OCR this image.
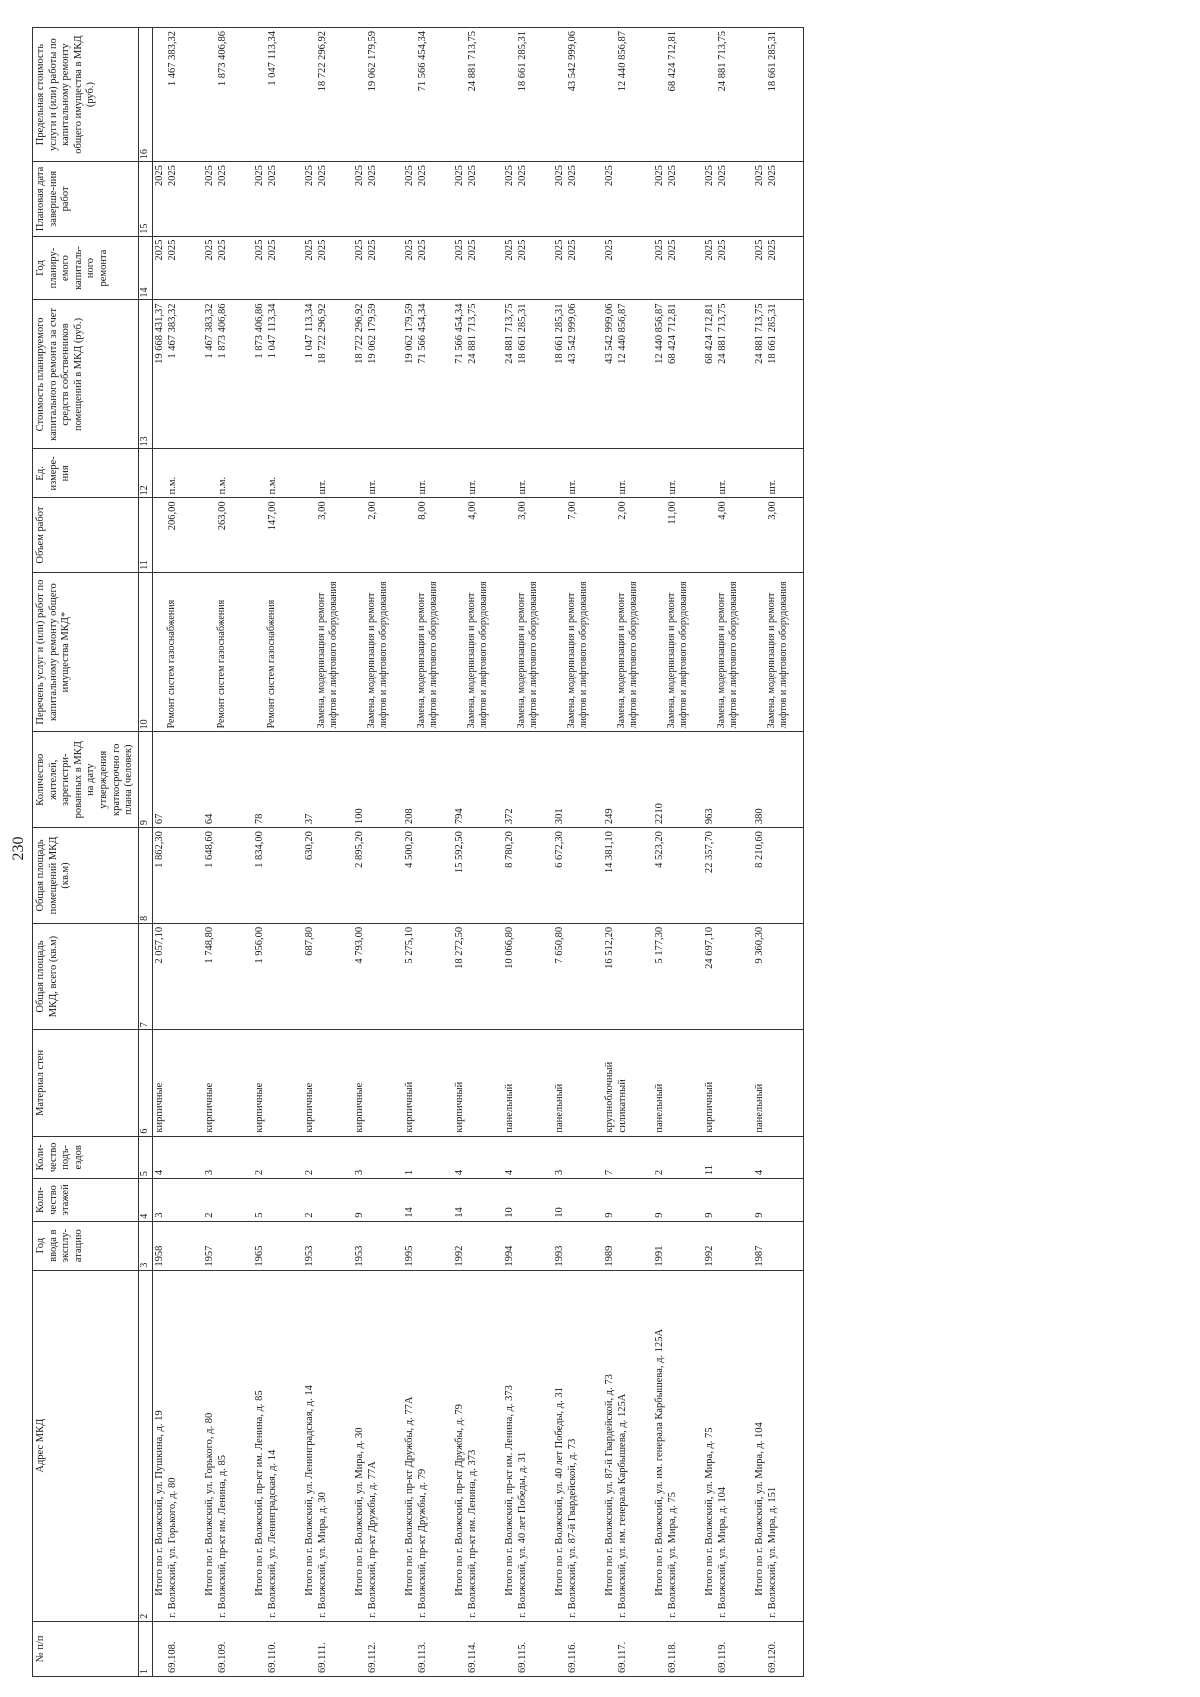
230
№ п/п	Адрес МКД	Год ввода в эксплу-атацию	Коли-чество этажей	Коли-чество подъ-ездов	Материал стен	Общая площадь МКД, всего (кв.м)	Общая площадь помещений МКД (кв.м)	Количество жителей, зарегистри-рованных в МКД на дату утверждения краткосрочно го плана (человек)	Перечень услуг и (или) работ по капитальному ремонту общего имущества МКД*	Объем работ	Ед. измере-ния	Стоимость планируемого капитального ремонта за счет средств собственников помещений в МКД (руб.)	Год планиру-емого капиталь-ного ремонта	Плановая дата заверше-ния работ	Предельная стоимость услуги и (или) работы по капитальному ремонту общего имущества в МКД (руб.)
1	2	3	4	5	6	7	8	9	10	11	12	13	14	15	16

69.108.	Итого по г. Волжский, ул. Пушкина, д. 19 г. Волжский, ул. Горького, д. 80	1958	3	4	кирпичные	2 057,10	1 862,30	67	Ремонт систем газоснабжения	206,00	п.м.	19 668 431,37 1 467 383,32	2025 2025	2025 2025	1 467 383,32

69.109.	Итого по г. Волжский, ул. Горького, д. 80 г. Волжский, пр-кт им. Ленина, д. 85	1957	2	3	кирпичные	1 748,80	1 648,60	64	Ремонт систем газоснабжения	263,00	п.м.	1 467 383,32 1 873 406,86	2025 2025	2025 2025	1 873 406,86

69.110.	Итого по г. Волжский, пр-кт им. Ленина, д. 85 г. Волжский, ул. Ленинградская, д. 14	1965	5	2	кирпичные	1 956,00	1 834,00	78	Ремонт систем газоснабжения	147,00	п.м.	1 873 406,86 1 047 113,34	2025 2025	2025 2025	1 047 113,34

69.111.	Итого по г. Волжский, ул. Ленинградская, д. 14 г. Волжский, ул. Мира, д. 30	1953	2	2	кирпичные	687,80	630,20	37	Замена, модернизация и ремонт лифтов и лифтового оборудования	3,00	шт.	1 047 113,34 18 722 296,92	2025 2025	2025 2025	18 722 296,92

69.112.	Итого по г. Волжский, ул. Мира, д. 30 г. Волжский, пр-кт Дружбы, д. 77А	1953	9	3	кирпичные	4 793,00	2 895,20	100	Замена, модернизация и ремонт лифтов и лифтового оборудования	2,00	шт.	18 722 296,92 19 062 179,59	2025 2025	2025 2025	19 062 179,59

69.113.	Итого по г. Волжский, пр-кт Дружбы, д. 77А г. Волжский, пр-кт Дружбы, д. 79	1995	14	1	кирпичный	5 275,10	4 500,20	208	Замена, модернизация и ремонт лифтов и лифтового оборудования	8,00	шт.	19 062 179,59 71 566 454,34	2025 2025	2025 2025	71 566 454,34

69.114.	Итого по г. Волжский, пр-кт Дружбы, д. 79 г. Волжский, пр-кт им. Ленина, д. 373	1992	14	4	кирпичный	18 272,50	15 592,50	794	Замена, модернизация и ремонт лифтов и лифтового оборудования	4,00	шт.	71 566 454,34 24 881 713,75	2025 2025	2025 2025	24 881 713,75

69.115.	Итого по г. Волжский, пр-кт им. Ленина, д. 373 г. Волжский, ул. 40 лет Победы, д. 31	1994	10	4	панельный	10 066,80	8 780,20	372	Замена, модернизация и ремонт лифтов и лифтового оборудования	3,00	шт.	24 881 713,75 18 661 285,31	2025 2025	2025 2025	18 661 285,31

69.116.	Итого по г. Волжский, ул. 40 лет Победы, д. 31 г. Волжский, ул. 87-й Гвардейской, д. 73	1993	10	3	панельный	7 650,80	6 672,30	301	Замена, модернизация и ремонт лифтов и лифтового оборудования	7,00	шт.	18 661 285,31 43 542 999,06	2025 2025	2025 2025	43 542 999,06

69.117.	Итого по г. Волжский, ул. 87-й Гвардейской, д. 73 г. Волжский, ул. им. генерала Карбышева, д. 125А	1989	9	7	крупноблочный силикатный	16 512,20	14 381,10	249	Замена, модернизация и ремонт лифтов и лифтового оборудования	2,00	шт.	43 542 999,06 12 440 856,87	2025	2025	12 440 856,87

69.118.	Итого по г. Волжский, ул. им. генерала Карбышева, д. 125А г. Волжский, ул. Мира, д. 75	1991	9	2	панельный	5 177,30	4 523,20	2210	Замена, модернизация и ремонт лифтов и лифтового оборудования	11,00	шт.	12 440 856,87 68 424 712,81	2025 2025	2025 2025	68 424 712,81

69.119.	Итого по г. Волжский, ул. Мира, д. 75 г. Волжский, ул. Мира, д. 104	1992	9	11	кирпичный	24 697,10	22 357,70	963	Замена, модернизация и ремонт лифтов и лифтового оборудования	4,00	шт.	68 424 712,81 24 881 713,75	2025 2025	2025 2025	24 881 713,75

69.120.	Итого по г. Волжский, ул. Мира, д. 104 г. Волжский, ул. Мира, д. 151	1987	9	4	панельный	9 360,30	8 210,60	380	Замена, модернизация и ремонт лифтов и лифтового оборудования	3,00	шт.	24 881 713,75 18 661 285,31	2025 2025	2025 2025	18 661 285,31
